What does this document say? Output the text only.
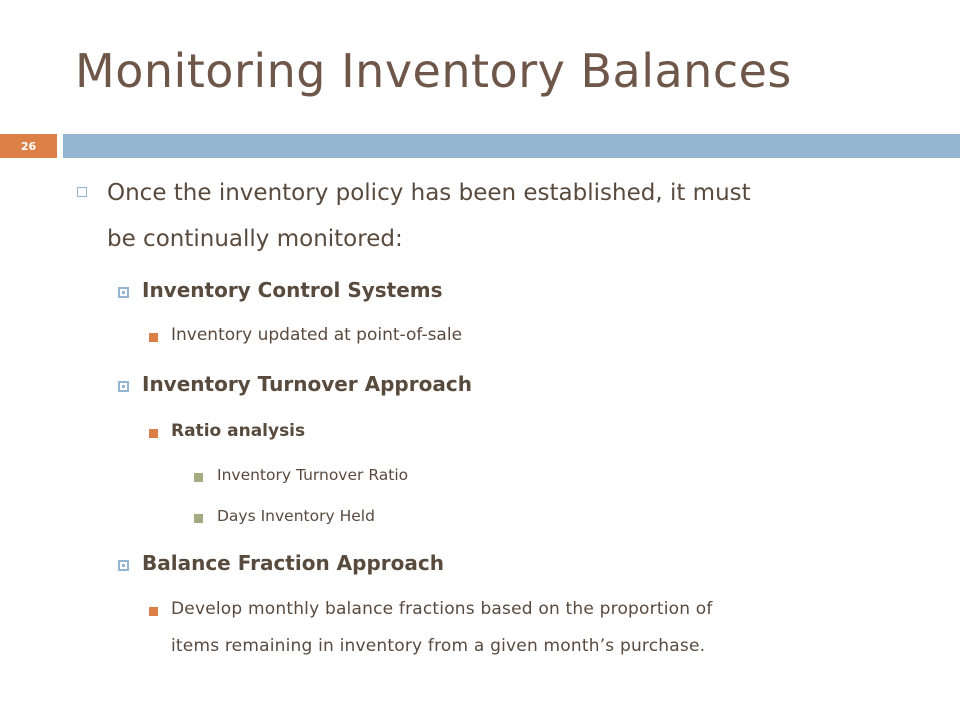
Monitoring Inventory Balances
26
Once the inventory policy has been established, it must
be continually monitored:
Inventory Control Systems
Inventory updated at point-of-sale
Inventory Turnover Approach
Ratio analysis
Inventory Turnover Ratio
Days Inventory Held
Balance Fraction Approach
Develop monthly balance fractions based on the proportion of
items remaining in inventory from a given month’s purchase.
